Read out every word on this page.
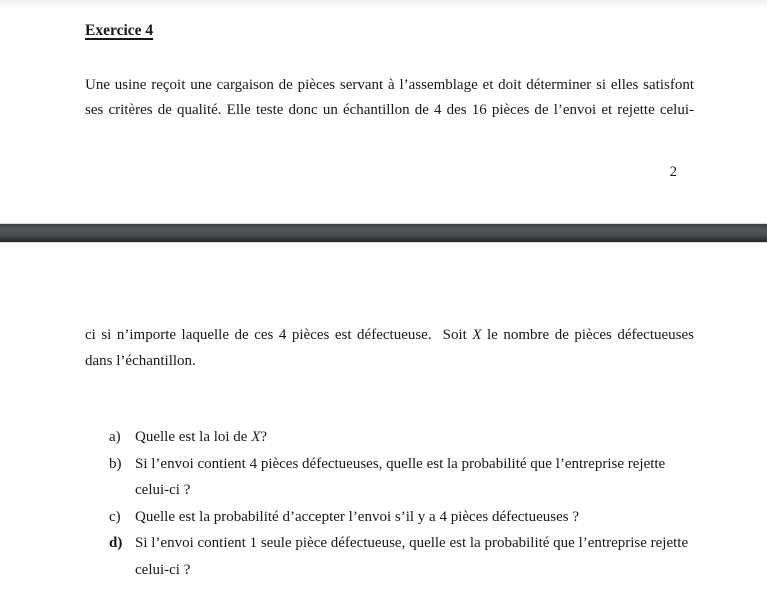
Exercice 4
Une usine reçoit une cargaison de pièces servant à l’assemblage et doit déterminer si elles satisfont
ses critères de qualité. Elle teste donc un échantillon de 4 des 16 pièces de l’envoi et rejette celui-
2
ci si n’importe laquelle de ces 4 pièces est défectueuse.  Soit X le nombre de pièces défectueuses
dans l’échantillon.
a) Quelle est la loi de X?
b) Si l’envoi contient 4 pièces défectueuses, quelle est la probabilité que l’entreprise rejette
celui-ci ?
c) Quelle est la probabilité d’accepter l’envoi s’il y a 4 pièces défectueuses ?
d) Si l’envoi contient 1 seule pièce défectueuse, quelle est la probabilité que l’entreprise rejette
celui-ci ?
